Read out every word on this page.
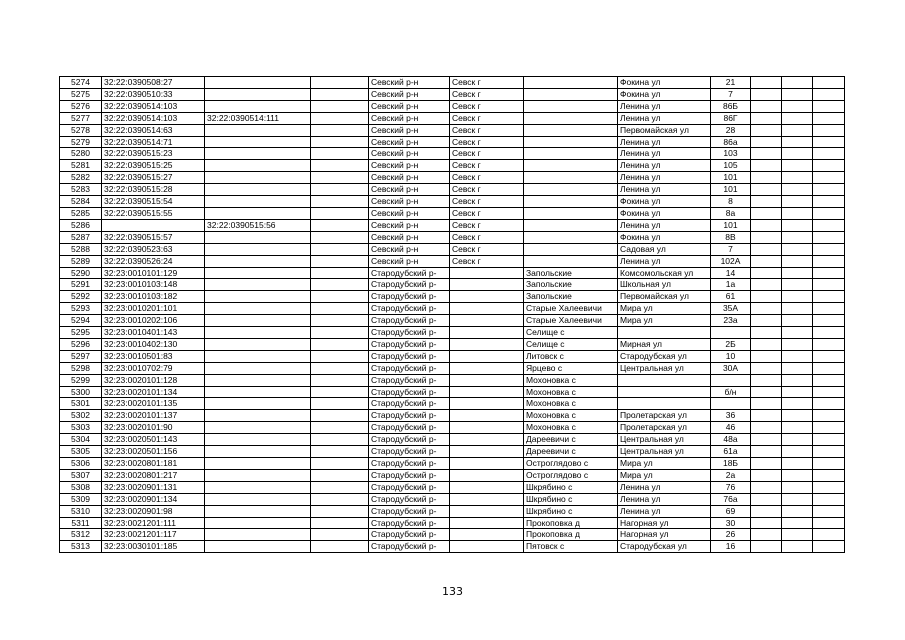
5274	32:22:0390508:27			Севский р-н	Севск г		Фокина ул	21			
5275	32:22:0390510:33			Севский р-н	Севск г		Фокина ул	7			
5276	32:22:0390514:103			Севский р-н	Севск г		Ленина ул	86Б			
5277	32:22:0390514:103	32:22:0390514:111		Севский р-н	Севск г		Ленина ул	86Г			
5278	32:22:0390514:63			Севский р-н	Севск г		Первомайская ул	28			
5279	32:22:0390514:71			Севский р-н	Севск г		Ленина ул	86а			
5280	32:22:0390515:23			Севский р-н	Севск г		Ленина ул	103			
5281	32:22:0390515:25			Севский р-н	Севск г		Ленина ул	105			
5282	32:22:0390515:27			Севский р-н	Севск г		Ленина ул	101			
5283	32:22:0390515:28			Севский р-н	Севск г		Ленина ул	101			
5284	32:22:0390515:54			Севский р-н	Севск г		Фокина ул	8			
5285	32:22:0390515:55			Севский р-н	Севск г		Фокина ул	8а			
5286		32:22:0390515:56		Севский р-н	Севск г		Ленина ул	101			
5287	32:22:0390515:57			Севский р-н	Севск г		Фокина ул	8В			
5288	32:22:0390523:63			Севский р-н	Севск г		Садовая ул	7			
5289	32:22:0390526:24			Севский р-н	Севск г		Ленина ул	102А			
5290	32:23:0010101:129			Стародубский р-		Запольские	Комсомольская ул	14			
5291	32:23:0010103:148			Стародубский р-		Запольские	Школьная ул	1а			
5292	32:23:0010103:182			Стародубский р-		Запольские	Первомайская ул	61			
5293	32:23:0010201:101			Стародубский р-		Старые Халеевичи	Мира ул	35А			
5294	32:23:0010202:106			Стародубский р-		Старые Халеевичи	Мира ул	23а			
5295	32:23:0010401:143			Стародубский р-		Селище с					
5296	32:23:0010402:130			Стародубский р-		Селище с	Мирная ул	2Б			
5297	32:23:0010501:83			Стародубский р-		Литовск с	Стародубская ул	10			
5298	32:23:0010702:79			Стародубский р-		Ярцево с	Центральная ул	30А			
5299	32:23:0020101:128			Стародубский р-		Мохоновка с					
5300	32:23:0020101:134			Стародубский р-		Мохоновка с		б/н			
5301	32:23:0020101:135			Стародубский р-		Мохоновка с					
5302	32:23:0020101:137			Стародубский р-		Мохоновка с	Пролетарская ул	36			
5303	32:23:0020101:90			Стародубский р-		Мохоновка с	Пролетарская ул	46			
5304	32:23:0020501:143			Стародубский р-		Дареевичи с	Центральная ул	48а			
5305	32:23:0020501:156			Стародубский р-		Дареевичи с	Центральная ул	61а			
5306	32:23:0020801:181			Стародубский р-		Остроглядово с	Мира ул	18Б			
5307	32:23:0020801:217			Стародубский р-		Остроглядово с	Мира ул	2а			
5308	32:23:0020901:131			Стародубский р-		Шкрябино с	Ленина ул	76			
5309	32:23:0020901:134			Стародубский р-		Шкрябино с	Ленина ул	76а			
5310	32:23:0020901:98			Стародубский р-		Шкрябино с	Ленина ул	69			
5311	32:23:0021201:111			Стародубский р-		Прокоповка д	Нагорная ул	30			
5312	32:23:0021201:117			Стародубский р-		Прокоповка д	Нагорная ул	26			
5313	32:23:0030101:185			Стародубский р-		Пятовск с	Стародубская ул	16			
133
